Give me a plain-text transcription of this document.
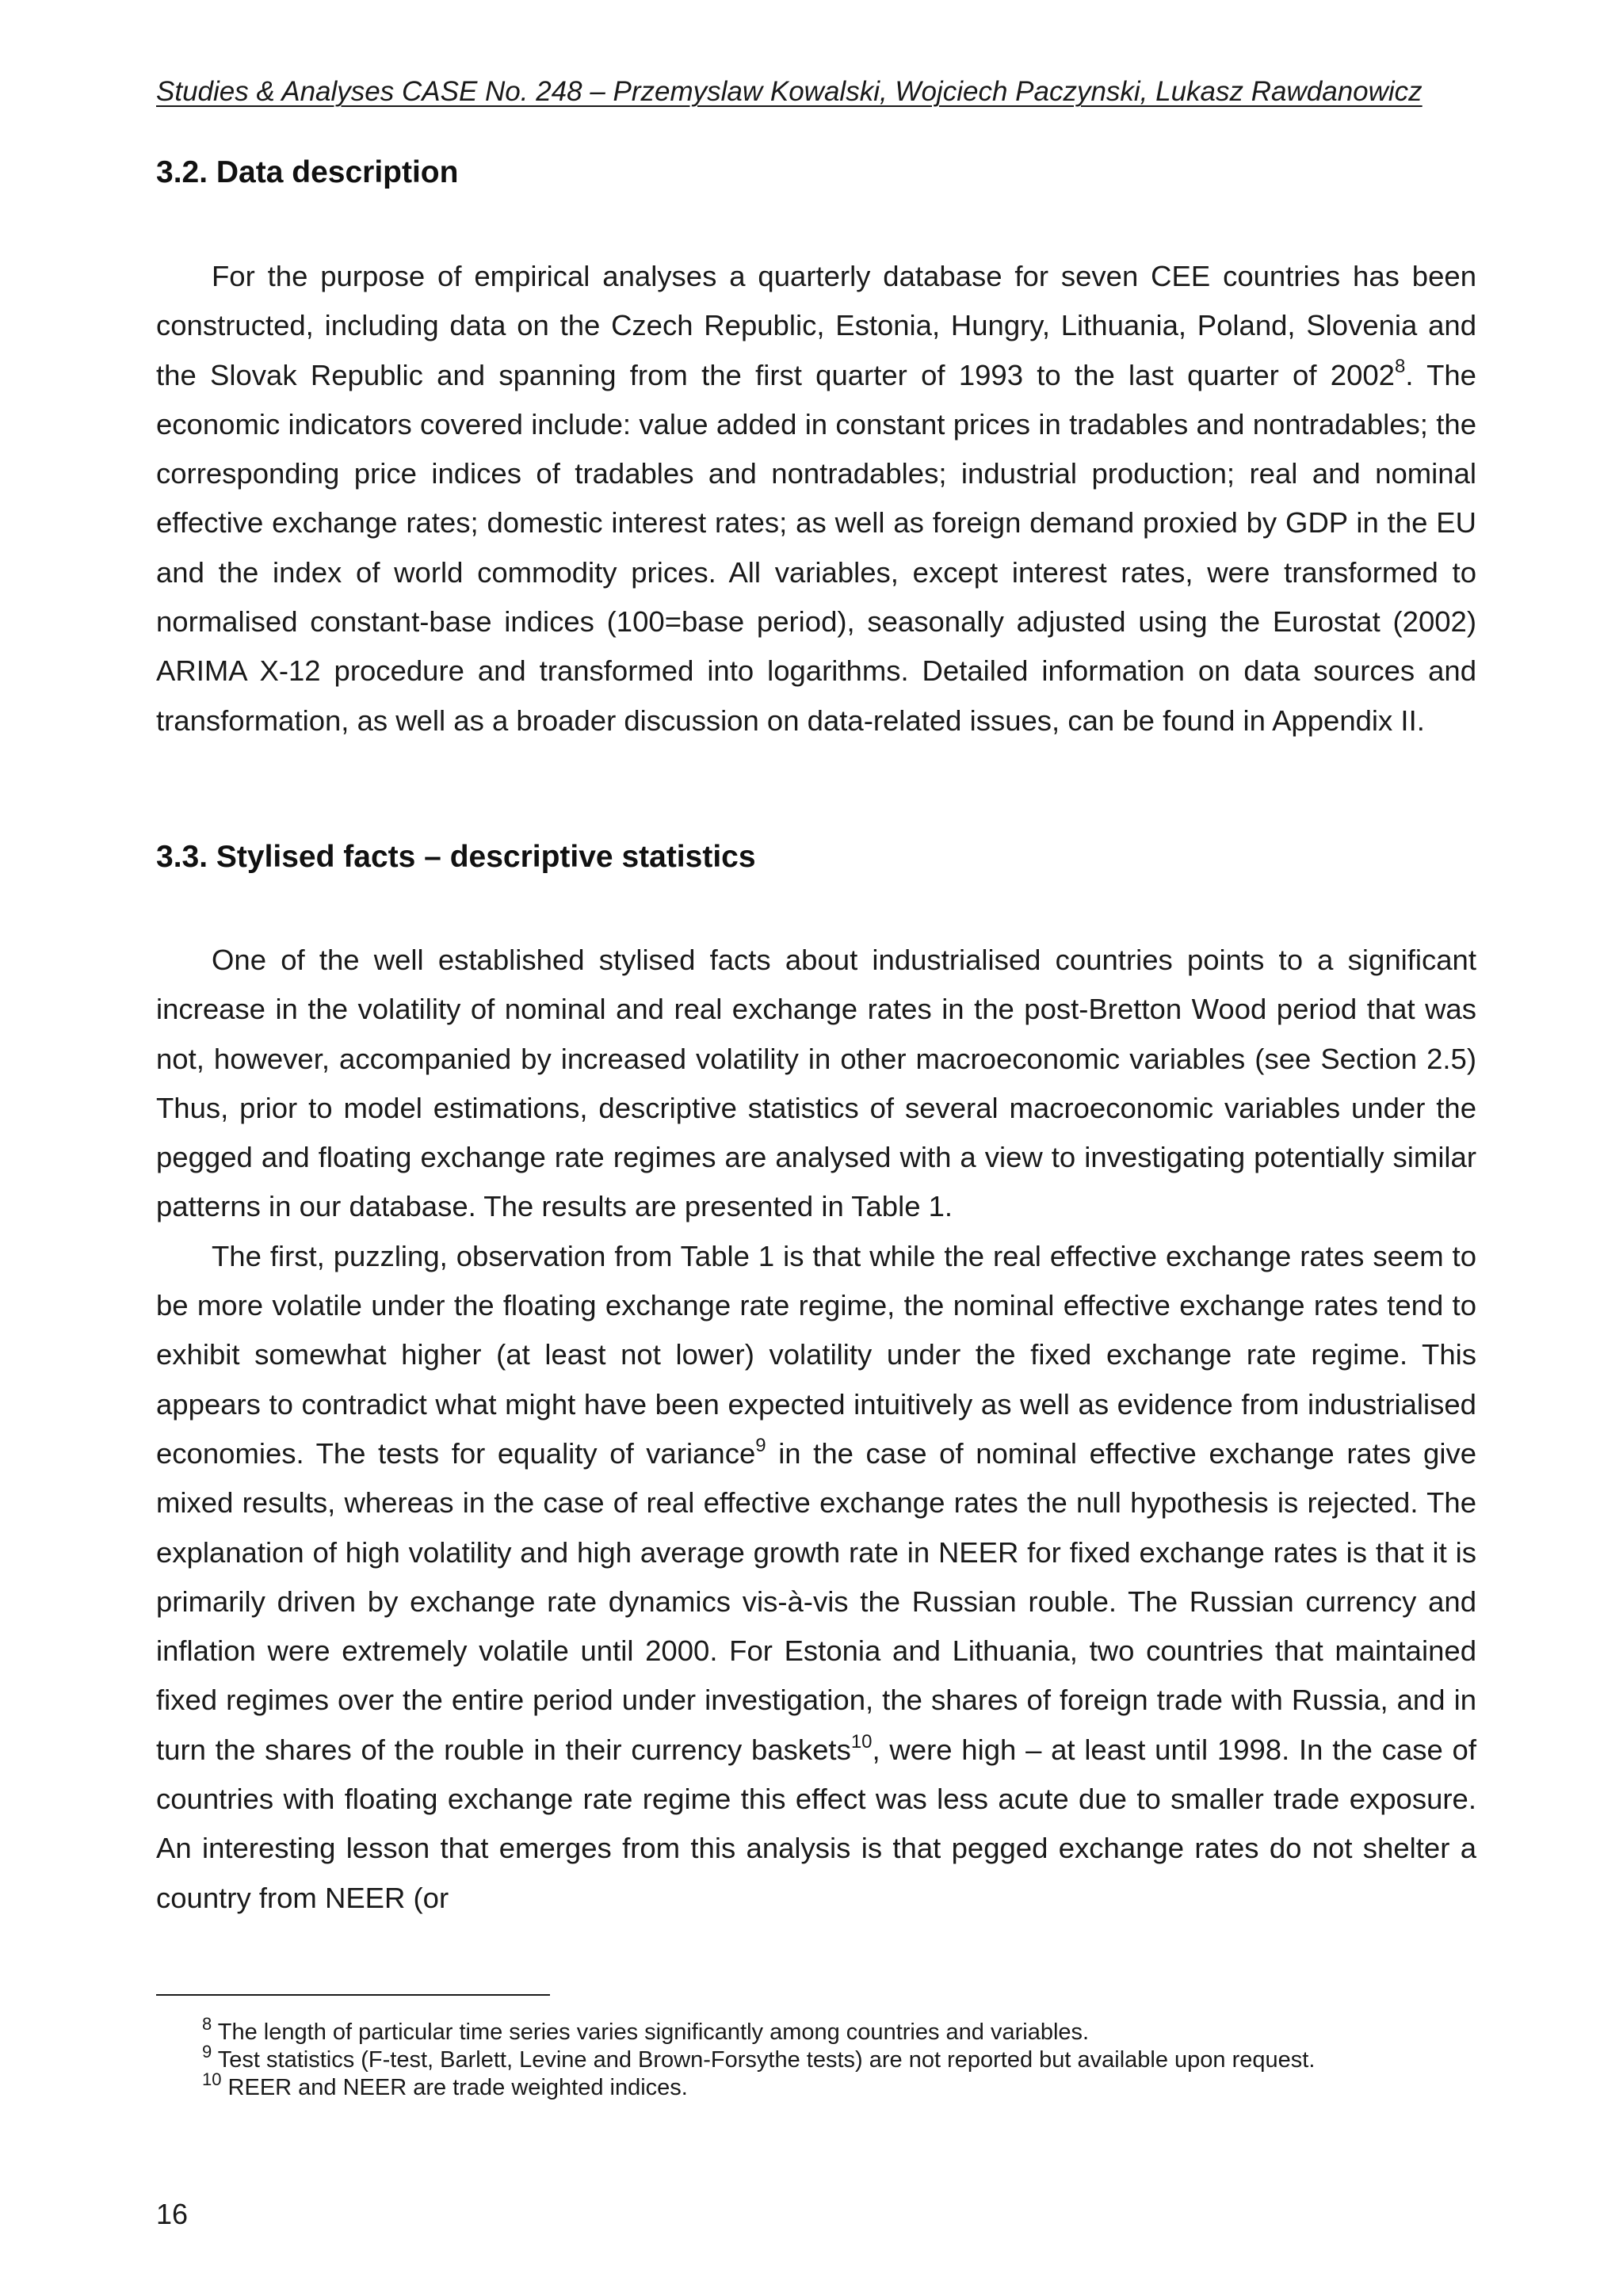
Studies & Analyses CASE No. 248 – Przemyslaw Kowalski, Wojciech Paczynski, Lukasz Rawdanowicz
3.2. Data description

For the purpose of empirical analyses a quarterly database for seven CEE countries has been constructed, including data on the Czech Republic, Estonia, Hungry, Lithuania, Poland, Slovenia and the Slovak Republic and spanning from the first quarter of 1993 to the last quarter of 2002$^8$. The economic indicators covered include: value added in constant prices in tradables and nontradables; the corresponding price indices of tradables and nontradables; industrial production; real and nominal effective exchange rates; domestic interest rates; as well as foreign demand proxied by GDP in the EU and the index of world commodity prices. All variables, except interest rates, were transformed to normalised constant-base indices (100=base period), seasonally adjusted using the Eurostat (2002) ARIMA X-12 procedure and transformed into logarithms. Detailed information on data sources and transformation, as well as a broader discussion on data-related issues, can be found in Appendix II.

3.3. Stylised facts – descriptive statistics

One of the well established stylised facts about industrialised countries points to a significant increase in the volatility of nominal and real exchange rates in the post-Bretton Wood period that was not, however, accompanied by increased volatility in other macroeconomic variables (see Section 2.5) Thus, prior to model estimations, descriptive statistics of several macroeconomic variables under the pegged and floating exchange rate regimes are analysed with a view to investigating potentially similar patterns in our database. The results are presented in Table 1.

The first, puzzling, observation from Table 1 is that while the real effective exchange rates seem to be more volatile under the floating exchange rate regime, the nominal effective exchange rates tend to exhibit somewhat higher (at least not lower) volatility under the fixed exchange rate regime. This appears to contradict what might have been expected intuitively as well as evidence from industrialised economies. The tests for equality of variance$^9$ in the case of nominal effective exchange rates give mixed results, whereas in the case of real effective exchange rates the null hypothesis is rejected. The explanation of high volatility and high average growth rate in NEER for fixed exchange rates is that it is primarily driven by exchange rate dynamics vis-à-vis the Russian rouble. The Russian currency and inflation were extremely volatile until 2000. For Estonia and Lithuania, two countries that maintained fixed regimes over the entire period under investigation, the shares of foreign trade with Russia, and in turn the shares of the rouble in their currency baskets$^{10}$, were high – at least until 1998. In the case of countries with floating exchange rate regime this effect was less acute due to smaller trade exposure. An interesting lesson that emerges from this analysis is that pegged exchange rates do not shelter a country from NEER (or

$^8$ The length of particular time series varies significantly among countries and variables.
$^9$ Test statistics (F-test, Barlett, Levine and Brown-Forsythe tests) are not reported but available upon request.
$^{10}$ REER and NEER are trade weighted indices.
16
